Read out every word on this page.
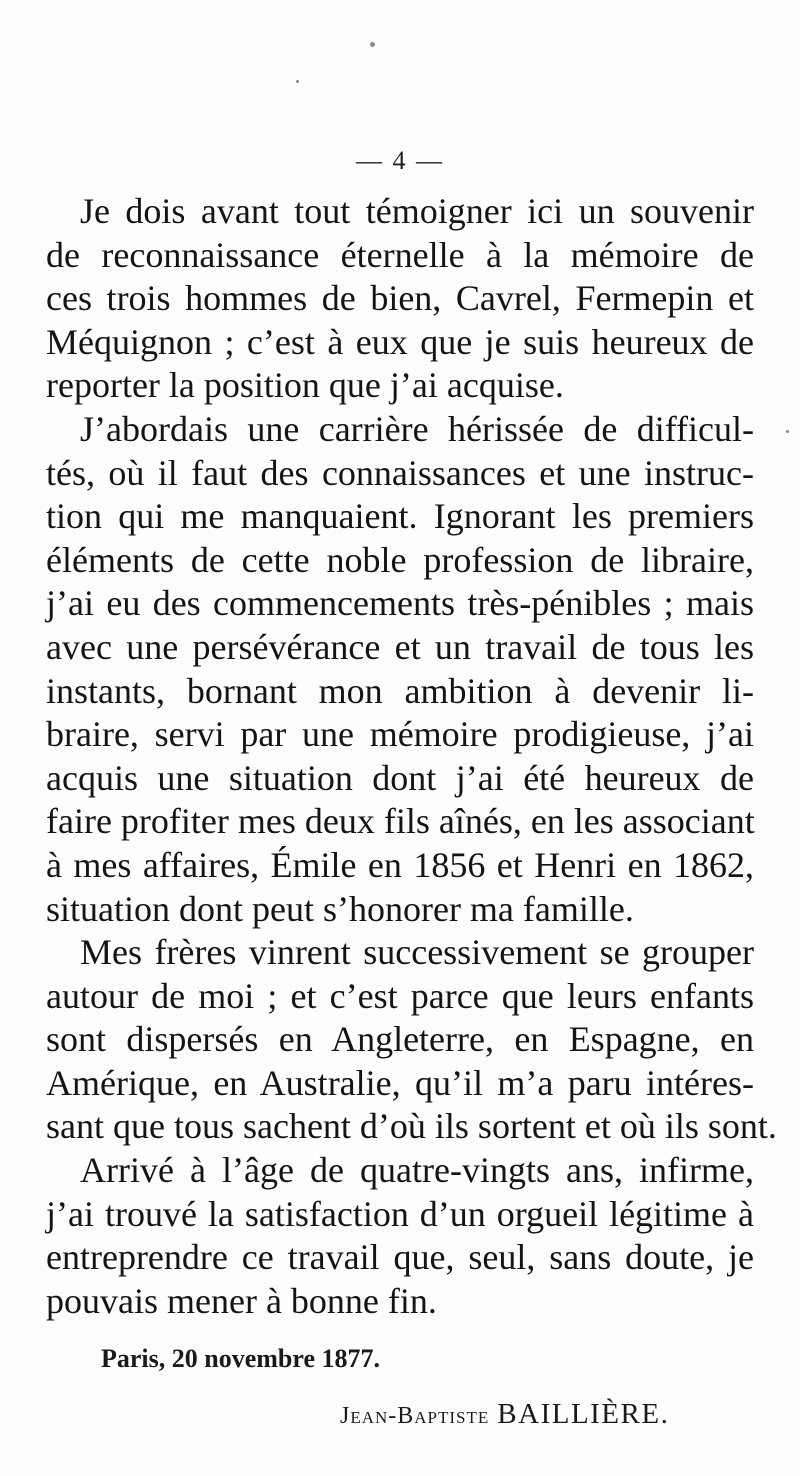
— 4 —
Je dois avant tout témoigner ici un souvenir
de reconnaissance éternelle à la mémoire de
ces trois hommes de bien, Cavrel, Fermepin et
Méquignon ; c’est à eux que je suis heureux de
reporter la position que j’ai acquise.
J’abordais une carrière hérissée de difficul-
tés, où il faut des connaissances et une instruc-
tion qui me manquaient. Ignorant les premiers
éléments de cette noble profession de libraire,
j’ai eu des commencements très-pénibles ; mais
avec une persévérance et un travail de tous les
instants, bornant mon ambition à devenir li-
braire, servi par une mémoire prodigieuse, j’ai
acquis une situation dont j’ai été heureux de
faire profiter mes deux fils aînés, en les associant
à mes affaires, Émile en 1856 et Henri en 1862,
situation dont peut s’honorer ma famille.
Mes frères vinrent successivement se grouper
autour de moi ; et c’est parce que leurs enfants
sont dispersés en Angleterre, en Espagne, en
Amérique, en Australie, qu’il m’a paru intéres-
sant que tous sachent d’où ils sortent et où ils sont.
Arrivé à l’âge de quatre-vingts ans, infirme,
j’ai trouvé la satisfaction d’un orgueil légitime à
entreprendre ce travail que, seul, sans doute, je
pouvais mener à bonne fin.
Paris, 20 novembre 1877.
Jean-Baptiste BAILLIÈRE.
